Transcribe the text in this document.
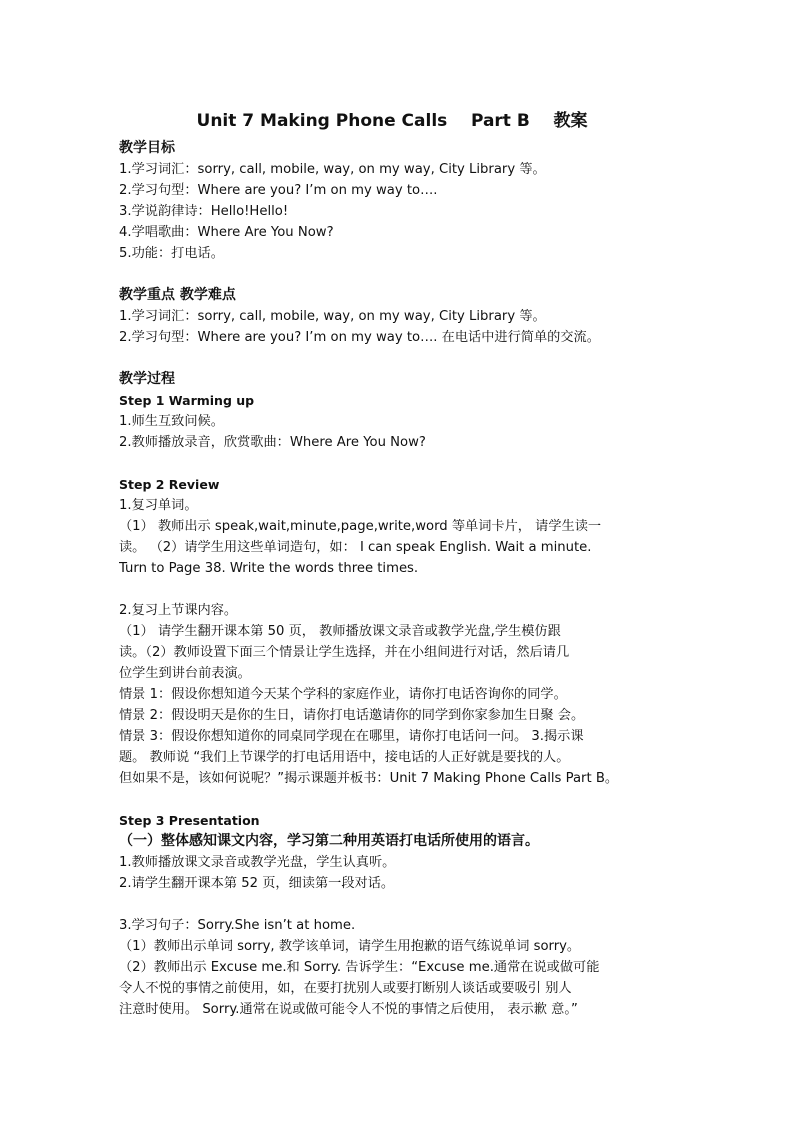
Unit 7 Making Phone Calls    Part B    教案
教学目标
1.学习词汇：sorry, call, mobile, way, on my way, City Library 等。
2.学习句型：Where are you? I’m on my way to….
3.学说韵律诗：Hello!Hello!
4.学唱歌曲：Where Are You Now?
5.功能：打电话。
教学重点 教学难点
1.学习词汇：sorry, call, mobile, way, on my way, City Library 等。
2.学习句型：Where are you? I’m on my way to…. 在电话中进行简单的交流。
教学过程
Step 1 Warming up
1.师生互致问候。
2.教师播放录音，欣赏歌曲：Where Are You Now?
Step 2 Review
1.复习单词。
（1） 教师出示 speak,wait,minute,page,write,word 等单词卡片， 请学生读一
读。 （2）请学生用这些单词造句，如： I can speak English. Wait a minute.
Turn to Page 38. Write the words three times.
2.复习上节课内容。
（1） 请学生翻开课本第 50 页， 教师播放课文录音或教学光盘,学生模仿跟
读。（2）教师设置下面三个情景让学生选择，并在小组间进行对话，然后请几
位学生到讲台前表演。
情景 1：假设你想知道今天某个学科的家庭作业，请你打电话咨询你的同学。
情景 2：假设明天是你的生日，请你打电话邀请你的同学到你家参加生日聚 会。
情景 3：假设你想知道你的同桌同学现在在哪里，请你打电话问一问。 3.揭示课
题。 教师说 “我们上节课学的打电话用语中，接电话的人正好就是要找的人。
但如果不是，该如何说呢？”揭示课题并板书：Unit 7 Making Phone Calls Part B。
Step 3 Presentation
（一）整体感知课文内容，学习第二种用英语打电话所使用的语言。
1.教师播放课文录音或教学光盘，学生认真听。
2.请学生翻开课本第 52 页，细读第一段对话。
3.学习句子：Sorry.She isn’t at home.
（1）教师出示单词 sorry, 教学该单词，请学生用抱歉的语气练说单词 sorry。
（2）教师出示 Excuse me.和 Sorry. 告诉学生：“Excuse me.通常在说或做可能
令人不悦的事情之前使用，如，在要打扰别人或要打断别人谈话或要吸引 别人
注意时使用。 Sorry.通常在说或做可能令人不悦的事情之后使用， 表示歉 意。”
